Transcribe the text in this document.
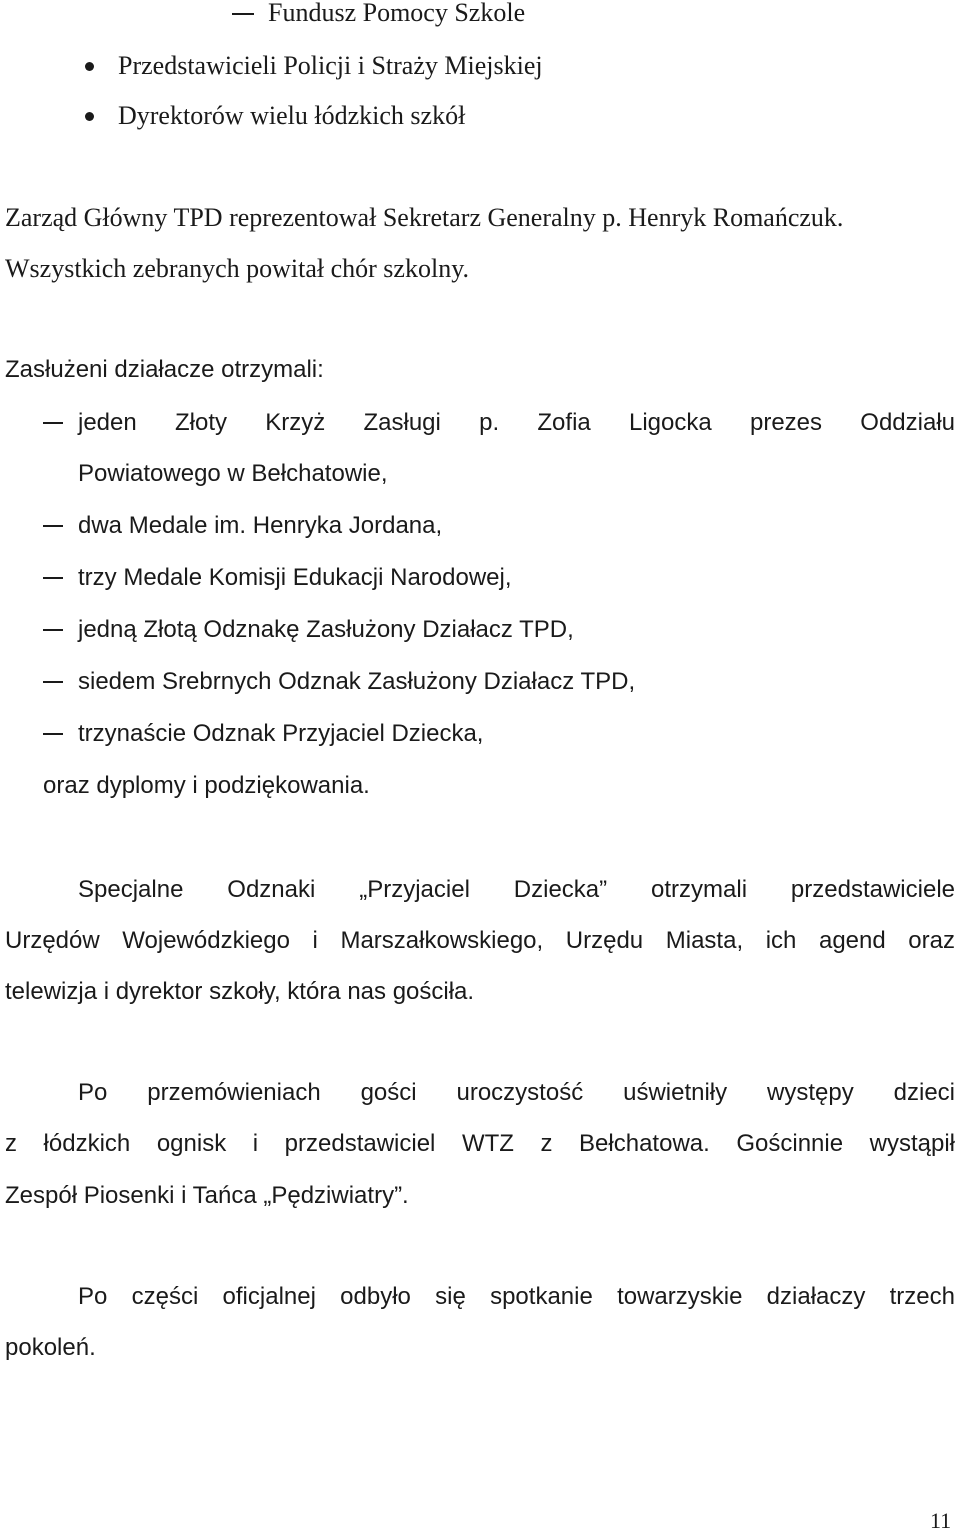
Fundusz Pomocy Szkole
Przedstawicieli Policji i Straży Miejskiej
Dyrektorów wielu łódzkich szkół
Zarząd Główny TPD reprezentował Sekretarz Generalny p. Henryk Romańczuk.
Wszystkich zebranych powitał chór szkolny.
Zasłużeni działacze otrzymali:
jeden Złoty Krzyż Zasługi p. Zofia Ligocka prezes Oddziału
Powiatowego w Bełchatowie,
dwa Medale im. Henryka Jordana,
trzy Medale Komisji Edukacji Narodowej,
jedną Złotą Odznakę Zasłużony Działacz TPD,
siedem Srebrnych Odznak Zasłużony Działacz TPD,
trzynaście Odznak Przyjaciel Dziecka,
oraz dyplomy i podziękowania.
Specjalne Odznaki „Przyjaciel Dziecka” otrzymali przedstawiciele
Urzędów Wojewódzkiego i Marszałkowskiego, Urzędu Miasta, ich agend oraz
telewizja i dyrektor szkoły, która nas gościła.
Po przemówieniach gości uroczystość uświetniły występy dzieci
z łódzkich ognisk i przedstawiciel WTZ z Bełchatowa. Gościnnie wystąpił
Zespół Piosenki i Tańca „Pędziwiatry”.
Po części oficjalnej odbyło się spotkanie towarzyskie działaczy trzech
pokoleń.
11
